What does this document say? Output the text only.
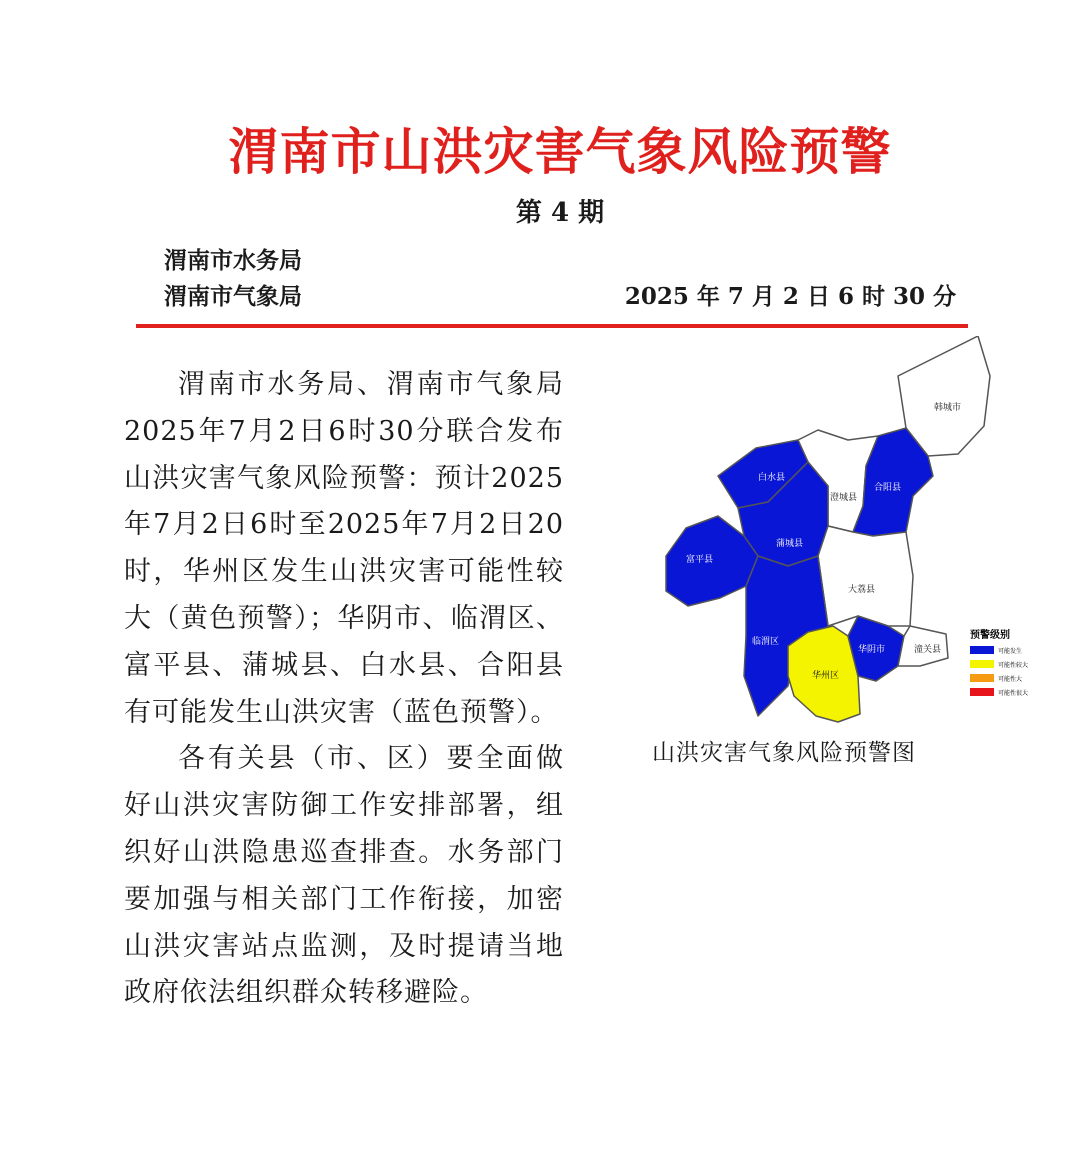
渭南市山洪灾害气象风险预警
第 4 期
渭南市水务局
渭南市气象局	2025 年 7 月 2 日 6 时 30 分

渭南市水务局、渭南市气象局2025年7月2日6时30分联合发布山洪灾害气象风险预警：预计2025年7月2日6时至2025年7月2日20时，华州区发生山洪灾害可能性较大（黄色预警）；华阴市、临渭区、富平县、蒲城县、白水县、合阳县有可能发生山洪灾害（蓝色预警）。

各有关县（市、区）要全面做好山洪灾害防御工作安排部署，组织好山洪隐患巡查排查。水务部门要加强与相关部门工作衔接，加密山洪灾害站点监测，及时提请当地政府依法组织群众转移避险。

韩城市
白水县
澄城县
合阳县
富平县
蒲城县
大荔县
临渭区
华州区
华阴市	潼关县
预警级别
可能发生
可能性较大
可能性大
可能性很大
山洪灾害气象风险预警图
